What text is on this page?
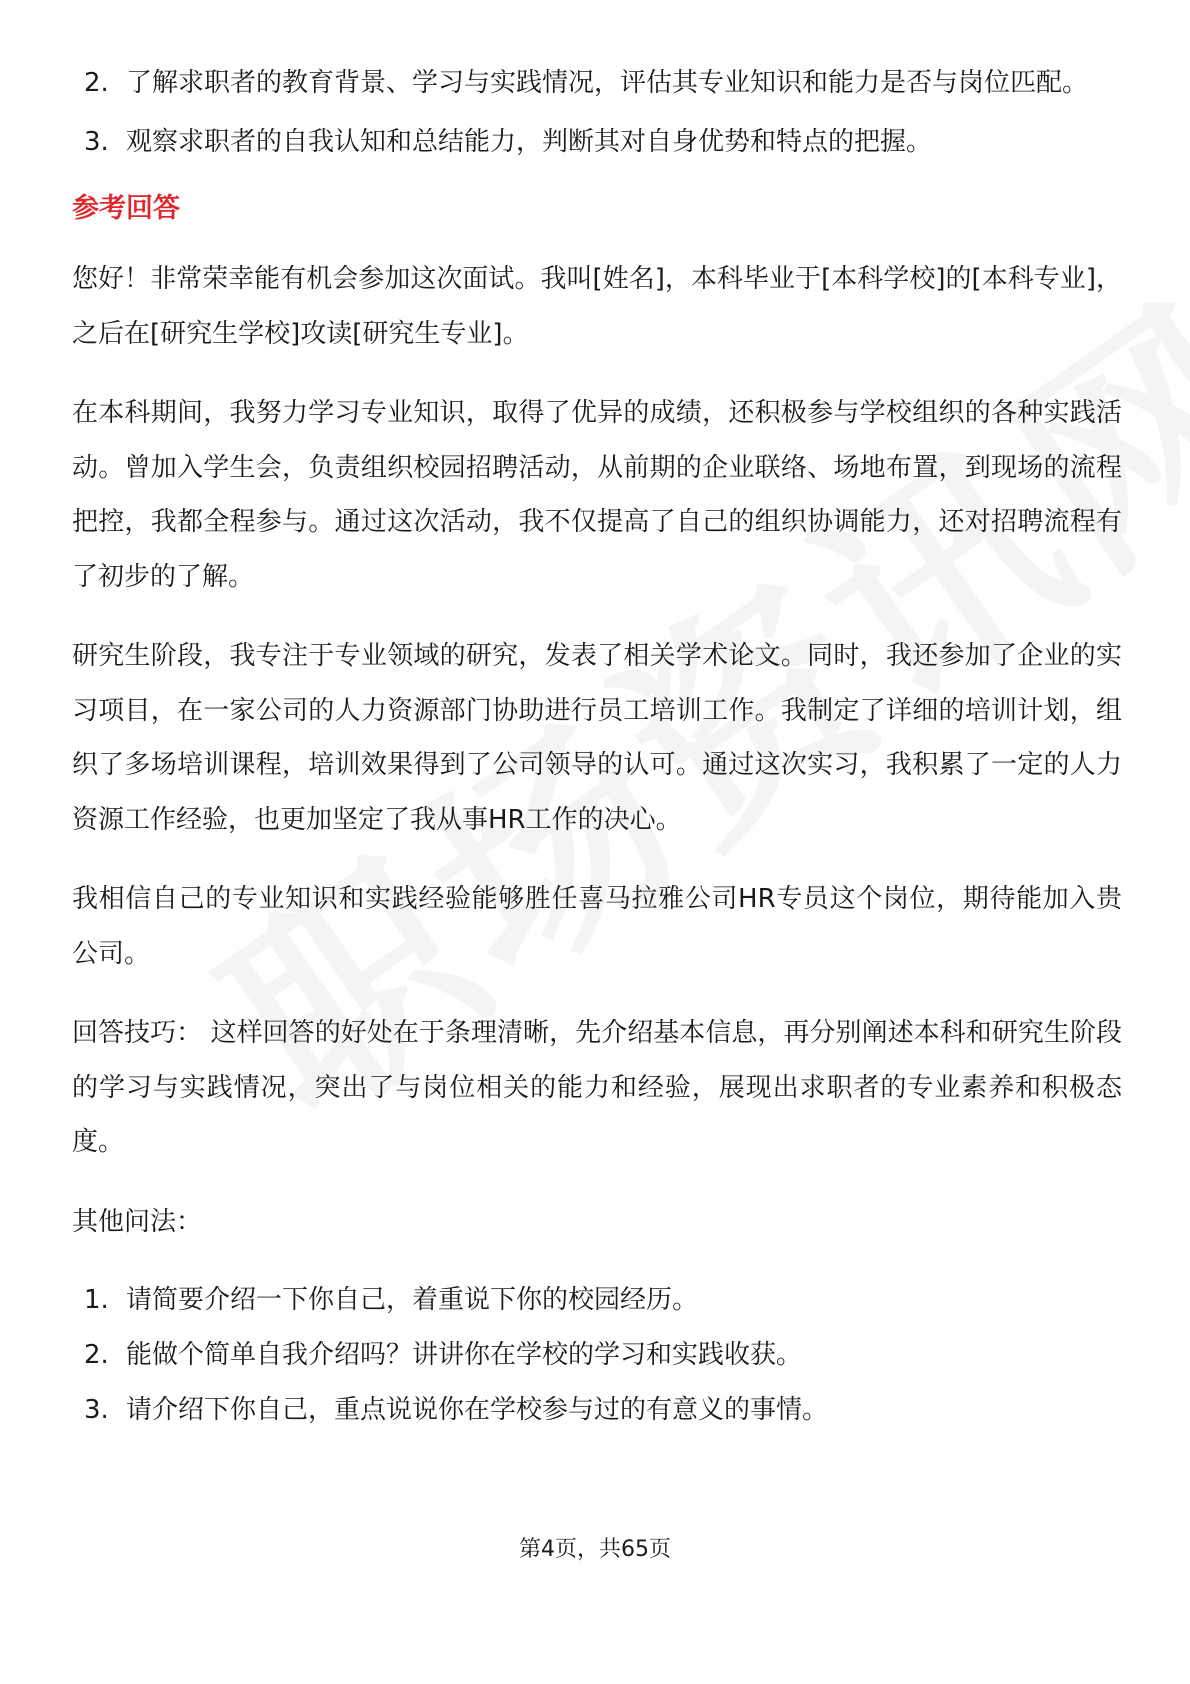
2. 了解求职者的教育背景、学习与实践情况，评估其专业知识和能力是否与岗位匹配。
3. 观察求职者的自我认知和总结能力，判断其对自身优势和特点的把握。
参考回答

您好！非常荣幸能有机会参加这次面试。我叫[姓名]，本科毕业于[本科学校]的[本科专业]，之后在[研究生学校]攻读[研究生专业]。

在本科期间，我努力学习专业知识，取得了优异的成绩，还积极参与学校组织的各种实践活动。曾加入学生会，负责组织校园招聘活动，从前期的企业联络、场地布置，到现场的流程把控，我都全程参与。通过这次活动，我不仅提高了自己的组织协调能力，还对招聘流程有了初步的了解。

研究生阶段，我专注于专业领域的研究，发表了相关学术论文。同时，我还参加了企业的实习项目，在一家公司的人力资源部门协助进行员工培训工作。我制定了详细的培训计划，组织了多场培训课程，培训效果得到了公司领导的认可。通过这次实习，我积累了一定的人力资源工作经验，也更加坚定了我从事HR工作的决心。

我相信自己的专业知识和实践经验能够胜任喜马拉雅公司HR专员这个岗位，期待能加入贵公司。

回答技巧： 这样回答的好处在于条理清晰，先介绍基本信息，再分别阐述本科和研究生阶段的学习与实践情况，突出了与岗位相关的能力和经验，展现出求职者的专业素养和积极态度。

其他问法：
1. 请简要介绍一下你自己，着重说下你的校园经历。
2. 能做个简单自我介绍吗？讲讲你在学校的学习和实践收获。
3. 请介绍下你自己，重点说说你在学校参与过的有意义的事情。
第4页，共65页
